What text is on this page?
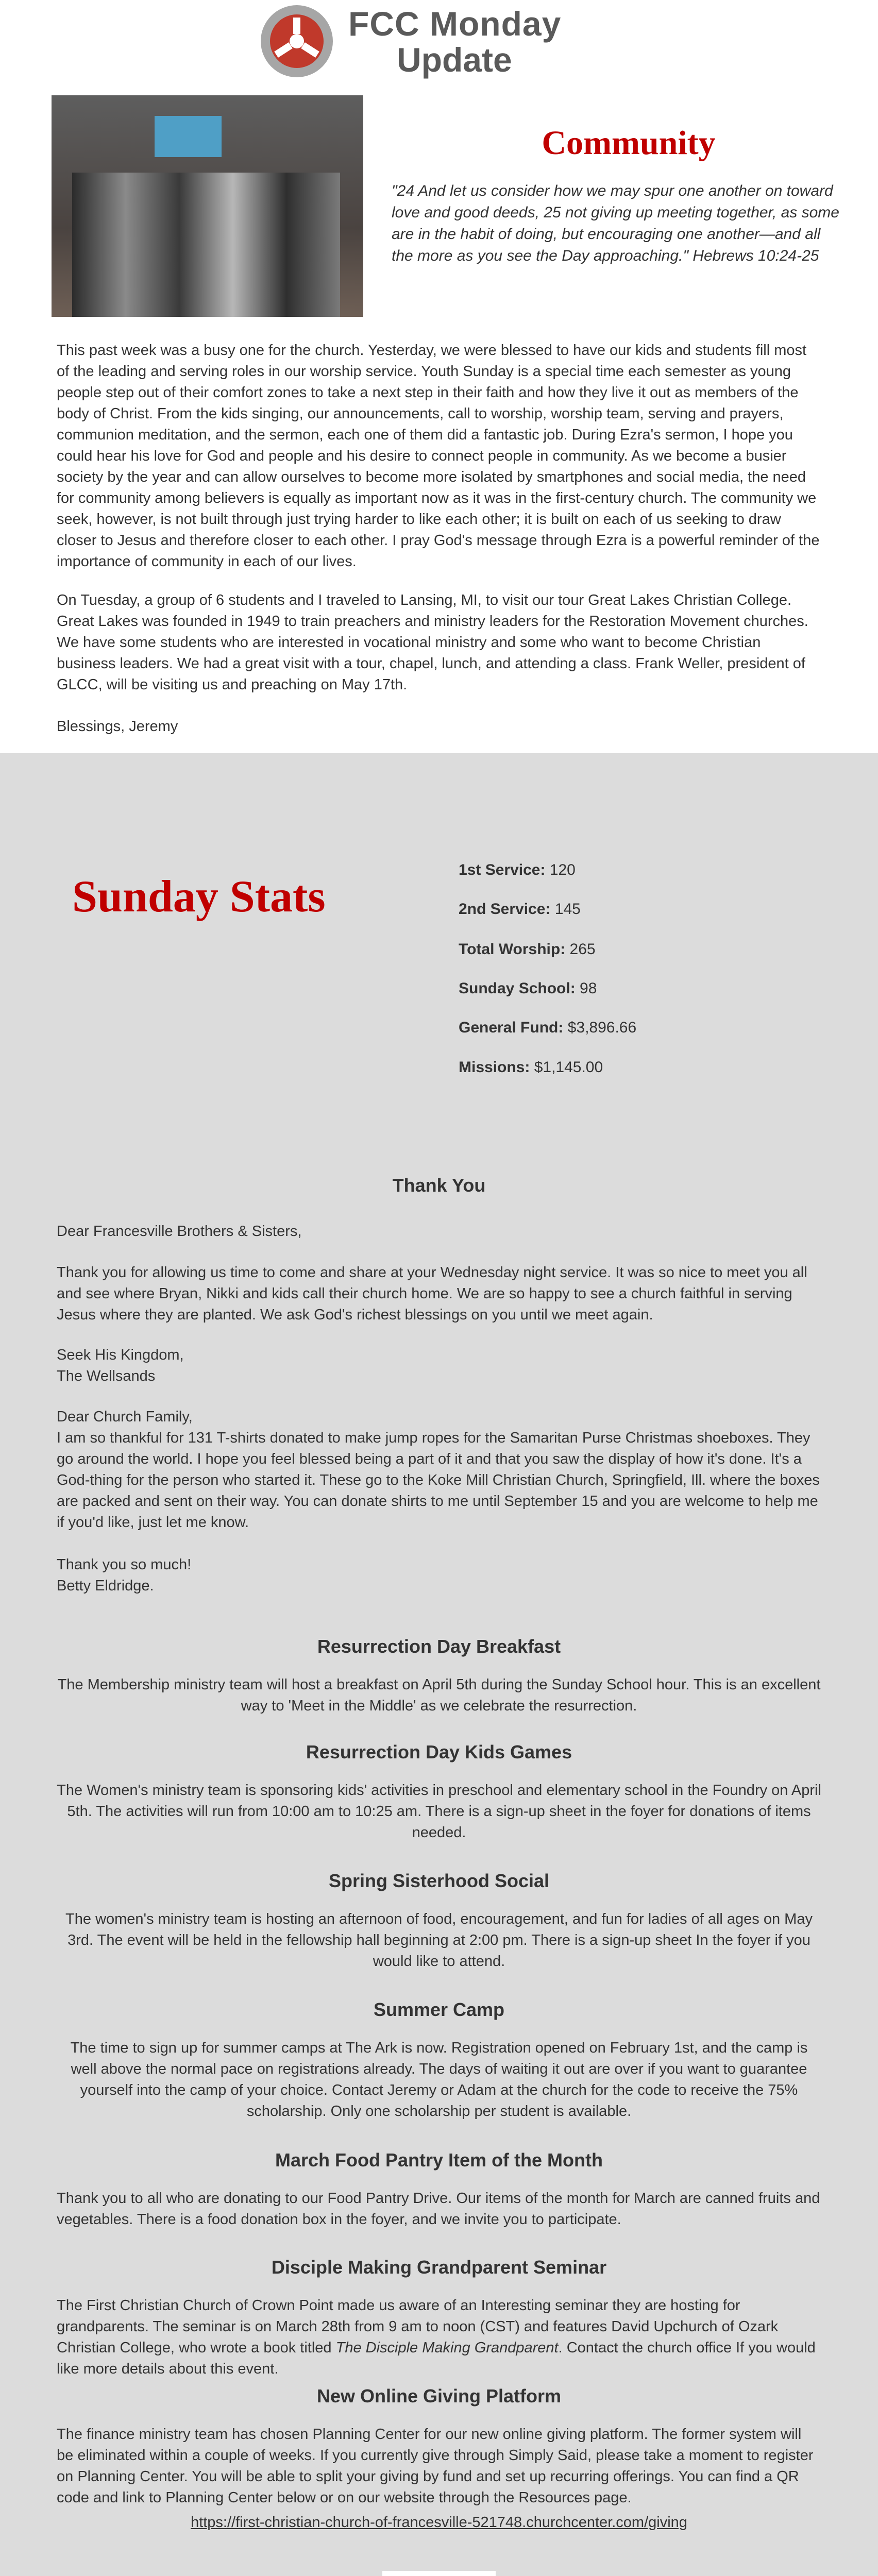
FCC Monday
Update
Community
"24 And let us consider how we may spur one another on toward love and good deeds, 25 not giving up meeting together, as some are in the habit of doing, but encouraging one another—and all the more as you see the Day approaching." Hebrews 10:24-25
This past week was a busy one for the church. Yesterday, we were blessed to have our kids and students fill most of the leading and serving roles in our worship service. Youth Sunday is a special time each semester as young people step out of their comfort zones to take a next step in their faith and how they live it out as members of the body of Christ. From the kids singing, our announcements, call to worship, worship team, serving and prayers, communion meditation, and the sermon, each one of them did a fantastic job. During Ezra's sermon, I hope you could hear his love for God and people and his desire to connect people in community. As we become a busier society by the year and can allow ourselves to become more isolated by smartphones and social media, the need for community among believers is equally as important now as it was in the first-century church. The community we seek, however, is not built through just trying harder to like each other; it is built on each of us seeking to draw closer to Jesus and therefore closer to each other. I pray God's message through Ezra is a powerful reminder of the importance of community in each of our lives.
On Tuesday, a group of 6 students and I traveled to Lansing, MI, to visit our tour Great Lakes Christian College. Great Lakes was founded in 1949 to train preachers and ministry leaders for the Restoration Movement churches. We have some students who are interested in vocational ministry and some who want to become Christian business leaders. We had a great visit with a tour, chapel, lunch, and attending a class. Frank Weller, president of GLCC, will be visiting us and preaching on May 17th.
Blessings, Jeremy
Sunday Stats
1st Service: 120
2nd Service: 145
Total Worship: 265
Sunday School: 98
General Fund: $3,896.66
Missions: $1,145.00
Thank You
Dear Francesville Brothers & Sisters,
Thank you for allowing us time to come and share at your Wednesday night service. It was so nice to meet you all and see where Bryan, Nikki and kids call their church home. We are so happy to see a church faithful in serving Jesus where they are planted. We ask God's richest blessings on you until we meet again.
Seek His Kingdom,
The Wellsands
Dear Church Family,
I am so thankful for 131 T-shirts donated to make jump ropes for the Samaritan Purse Christmas shoeboxes. They go around the world. I hope you feel blessed being a part of it and that you saw the display of how it's done. It's a God-thing for the person who started it. These go to the Koke Mill Christian Church, Springfield, Ill. where the boxes are packed and sent on their way. You can donate shirts to me until September 15 and you are welcome to help me if you'd like, just let me know.
Thank you so much!
Betty Eldridge.
Resurrection Day Breakfast
The Membership ministry team will host a breakfast on April 5th during the Sunday School hour. This is an excellent way to 'Meet in the Middle' as we celebrate the resurrection.
Resurrection Day Kids Games
The Women's ministry team is sponsoring kids' activities in preschool and elementary school in the Foundry on April 5th. The activities will run from 10:00 am to 10:25 am. There is a sign-up sheet in the foyer for donations of items needed.
Spring Sisterhood Social
The women's ministry team is hosting an afternoon of food, encouragement, and fun for ladies of all ages on May 3rd. The event will be held in the fellowship hall beginning at 2:00 pm. There is a sign-up sheet In the foyer if you would like to attend.
Summer Camp
The time to sign up for summer camps at The Ark is now. Registration opened on February 1st, and the camp is well above the normal pace on registrations already. The days of waiting it out are over if you want to guarantee yourself into the camp of your choice. Contact Jeremy or Adam at the church for the code to receive the 75% scholarship. Only one scholarship per student is available.
March Food Pantry Item of the Month
Thank you to all who are donating to our Food Pantry Drive. Our items of the month for March are canned fruits and vegetables. There is a food donation box in the foyer, and we invite you to participate.
Disciple Making Grandparent Seminar
The First Christian Church of Crown Point made us aware of an Interesting seminar they are hosting for grandparents. The seminar is on March 28th from 9 am to noon (CST) and features David Upchurch of Ozark Christian College, who wrote a book titled The Disciple Making Grandparent. Contact the church office If you would like more details about this event.
New Online Giving Platform
The finance ministry team has chosen Planning Center for our new online giving platform. The former system will be eliminated within a couple of weeks. If you currently give through Simply Said, please take a moment to register on Planning Center. You will be able to split your giving by fund and set up recurring offerings. You can find a QR code and link to Planning Center below or on our website through the Resources page.
https://first-christian-church-of-francesville-521748.churchcenter.com/giving
